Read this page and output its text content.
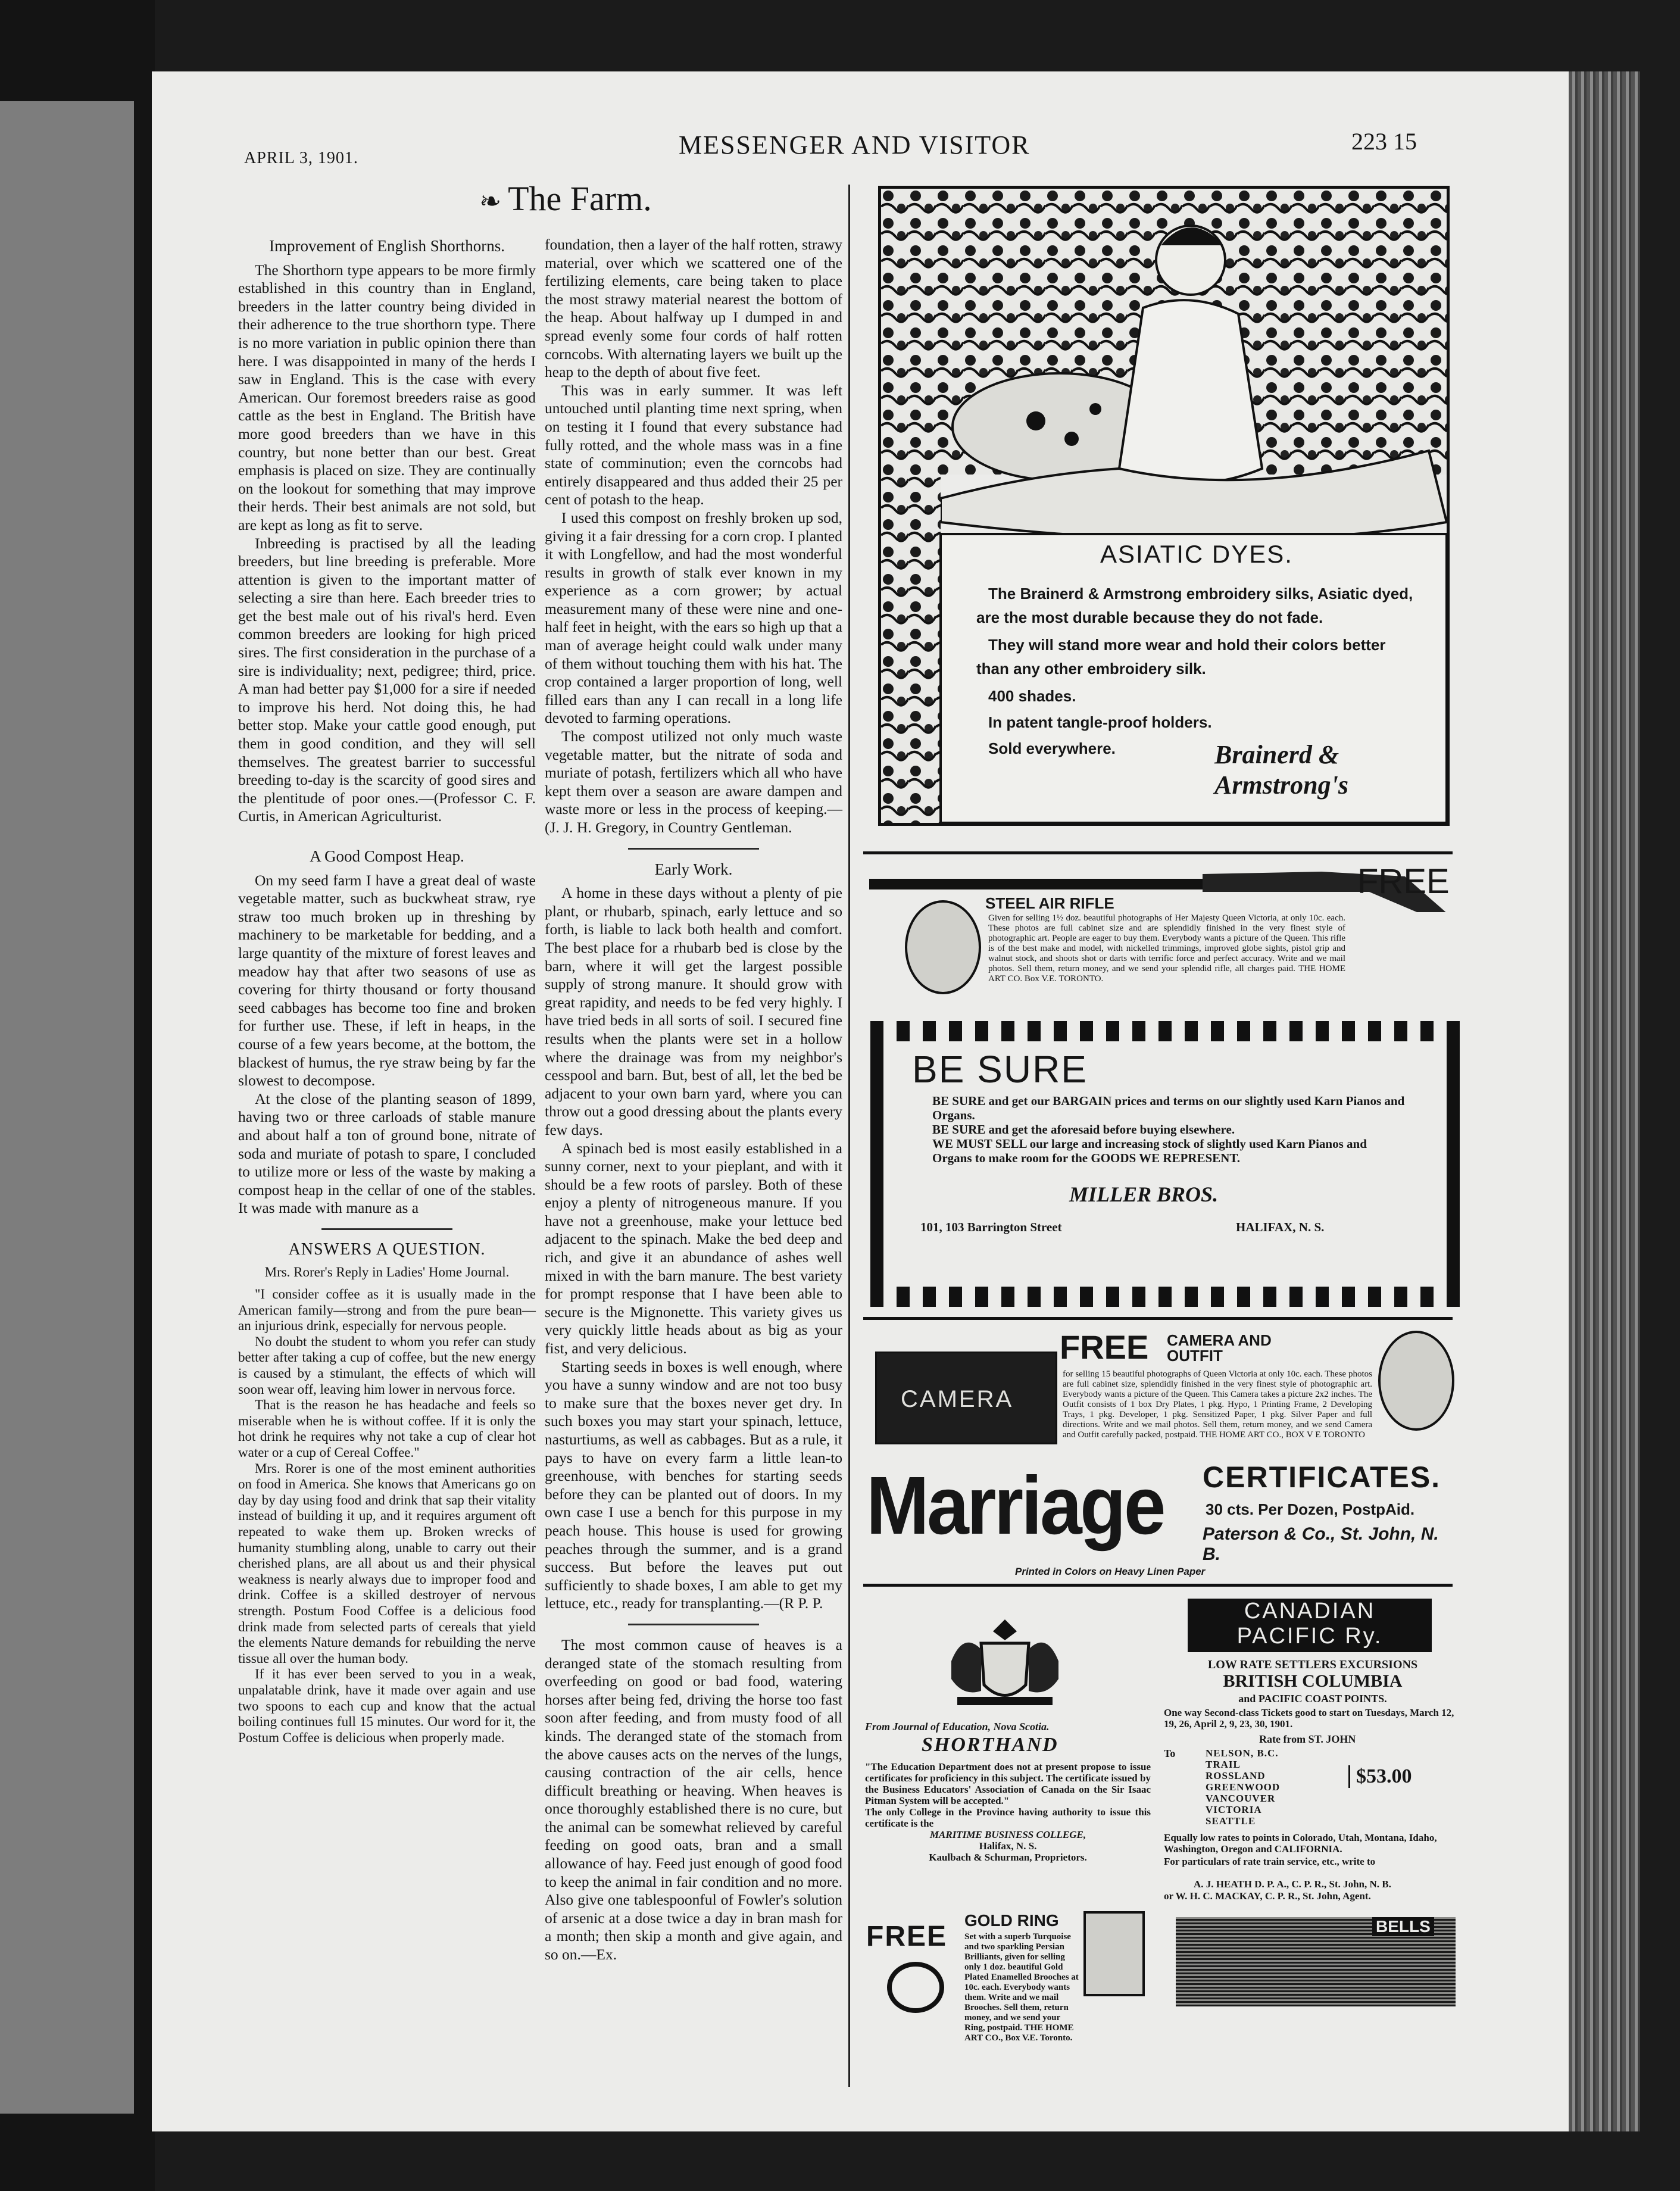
APRIL 3, 1901.	MESSENGER AND VISITOR	223 15
❧ The Farm.
Improvement of English Shorthorns.

The Shorthorn type appears to be more firmly established in this country than in England, breeders in the latter country being divided in their adherence to the true shorthorn type. There is no more variation in public opinion there than here. I was disappointed in many of the herds I saw in England. This is the case with every American. Our foremost breeders raise as good cattle as the best in England. The British have more good breeders than we have in this country, but none better than our best. Great emphasis is placed on size. They are continually on the lookout for something that may improve their herds. Their best animals are not sold, but are kept as long as fit to serve.

Inbreeding is practised by all the leading breeders, but line breeding is preferable. More attention is given to the important matter of selecting a sire than here. Each breeder tries to get the best male out of his rival's herd. Even common breeders are looking for high priced sires. The first consideration in the purchase of a sire is individuality; next, pedigree; third, price. A man had better pay $1,000 for a sire if needed to improve his herd. Not doing this, he had better stop. Make your cattle good enough, put them in good condition, and they will sell themselves. The greatest barrier to successful breeding to-day is the scarcity of good sires and the plentitude of poor ones.—(Professor C. F. Curtis, in American Agriculturist.

A Good Compost Heap.

On my seed farm I have a great deal of waste vegetable matter, such as buckwheat straw, rye straw too much broken up in threshing by machinery to be marketable for bedding, and a large quantity of the mixture of forest leaves and meadow hay that after two seasons of use as covering for thirty thousand or forty thousand seed cabbages has become too fine and broken for further use. These, if left in heaps, in the course of a few years become, at the bottom, the blackest of humus, the rye straw being by far the slowest to decompose.

At the close of the planting season of 1899, having two or three carloads of stable manure and about half a ton of ground bone, nitrate of soda and muriate of potash to spare, I concluded to utilize more or less of the waste by making a compost heap in the cellar of one of the stables. It was made with manure as a

ANSWERS A QUESTION.
Mrs. Rorer's Reply in Ladies' Home Journal.

"I consider coffee as it is usually made in the American family—strong and from the pure bean—an injurious drink, especially for nervous people.

No doubt the student to whom you refer can study better after taking a cup of coffee, but the new energy is caused by a stimulant, the effects of which will soon wear off, leaving him lower in nervous force.

That is the reason he has headache and feels so miserable when he is without coffee. If it is only the hot drink he requires why not take a cup of clear hot water or a cup of Cereal Coffee."

Mrs. Rorer is one of the most eminent authorities on food in America. She knows that Americans go on day by day using food and drink that sap their vitality instead of building it up, and it requires argument oft repeated to wake them up. Broken wrecks of humanity stumbling along, unable to carry out their cherished plans, are all about us and their physical weakness is nearly always due to improper food and drink. Coffee is a skilled destroyer of nervous strength. Postum Food Coffee is a delicious food drink made from selected parts of cereals that yield the elements Nature demands for rebuilding the nerve tissue all over the human body.

If it has ever been served to you in a weak, unpalatable drink, have it made over again and use two spoons to each cup and know that the actual boiling continues full 15 minutes. Our word for it, the Postum Coffee is delicious when properly made.

foundation, then a layer of the half rotten, strawy material, over which we scattered one of the fertilizing elements, care being taken to place the most strawy material nearest the bottom of the heap. About halfway up I dumped in and spread evenly some four cords of half rotten corncobs. With alternating layers we built up the heap to the depth of about five feet.

This was in early summer. It was left untouched until planting time next spring, when on testing it I found that every substance had fully rotted, and the whole mass was in a fine state of comminution; even the corncobs had entirely disappeared and thus added their 25 per cent of potash to the heap.

I used this compost on freshly broken up sod, giving it a fair dressing for a corn crop. I planted it with Longfellow, and had the most wonderful results in growth of stalk ever known in my experience as a corn grower; by actual measurement many of these were nine and one-half feet in height, with the ears so high up that a man of average height could walk under many of them without touching them with his hat. The crop contained a larger proportion of long, well filled ears than any I can recall in a long life devoted to farming operations.

The compost utilized not only much waste vegetable matter, but the nitrate of soda and muriate of potash, fertilizers which all who have kept them over a season are aware dampen and waste more or less in the process of keeping.—(J. J. H. Gregory, in Country Gentleman.

Early Work.

A home in these days without a plenty of pie plant, or rhubarb, spinach, early lettuce and so forth, is liable to lack both health and comfort. The best place for a rhubarb bed is close by the barn, where it will get the largest possible supply of strong manure. It should grow with great rapidity, and needs to be fed very highly. I have tried beds in all sorts of soil. I secured fine results when the plants were set in a hollow where the drainage was from my neighbor's cesspool and barn. But, best of all, let the bed be adjacent to your own barn yard, where you can throw out a good dressing about the plants every few days.

A spinach bed is most easily established in a sunny corner, next to your pieplant, and with it should be a few roots of parsley. Both of these enjoy a plenty of nitrogeneous manure. If you have not a greenhouse, make your lettuce bed adjacent to the spinach. Make the bed deep and rich, and give it an abundance of ashes well mixed in with the barn manure. The best variety for prompt response that I have been able to secure is the Mignonette. This variety gives us very quickly little heads about as big as your fist, and very delicious.

Starting seeds in boxes is well enough, where you have a sunny window and are not too busy to make sure that the boxes never get dry. In such boxes you may start your spinach, lettuce, nasturtiums, as well as cabbages. But as a rule, it pays to have on every farm a little lean-to greenhouse, with benches for starting seeds before they can be planted out of doors. In my own case I use a bench for this purpose in my peach house. This house is used for growing peaches through the summer, and is a grand success. But before the leaves put out sufficiently to shade boxes, I am able to get my lettuce, etc., ready for transplanting.—(R P. P.

The most common cause of heaves is a deranged state of the stomach resulting from overfeeding on good or bad food, watering horses after being fed, driving the horse too fast soon after feeding, and from musty food of all kinds. The deranged state of the stomach from the above causes acts on the nerves of the lungs, causing contraction of the air cells, hence difficult breathing or heaving. When heaves is once thoroughly established there is no cure, but the animal can be somewhat relieved by careful feeding on good oats, bran and a small allowance of hay. Feed just enough of good food to keep the animal in fair condition and no more. Also give one tablespoonful of Fowler's solution of arsenic at a dose twice a day in bran mash for a month; then skip a month and give again, and so on.—Ex.

ASIATIC DYES.
The Brainerd & Armstrong embroidery silks, Asiatic dyed, are the most durable because they do not fade.
They will stand more wear and hold their colors better than any other embroidery silk.
400 shades.
In patent tangle-proof holders.
Sold everywhere.	Brainerd & Armstrong's
FREE
STEEL AIR RIFLE
Given for selling 1½ doz. beautiful photographs of Her Majesty Queen Victoria, at only 10c. each. These photos are full cabinet size and are splendidly finished in the very finest style of photographic art. People are eager to buy them. Everybody wants a picture of the Queen. This rifle is of the best make and model, with nickelled trimmings, improved globe sights, pistol grip and walnut stock, and shoots shot or darts with terrific force and perfect accuracy. Write and we mail photos. Sell them, return money, and we send your splendid rifle, all charges paid. THE HOME ART CO. Box V.E. TORONTO.
BE SURE
BE SURE and get our BARGAIN prices and terms on our slightly used Karn Pianos and Organs.
BE SURE and get the aforesaid before buying elsewhere.
WE MUST SELL our large and increasing stock of slightly used Karn Pianos and Organs to make room for the GOODS WE REPRESENT.
MILLER BROS.
101, 103 Barrington Street	HALIFAX, N. S.
CAMERA
FREE CAMERA AND OUTFIT
for selling 15 beautiful photographs of Queen Victoria at only 10c. each. These photos are full cabinet size, splendidly finished in the very finest style of photographic art. Everybody wants a picture of the Queen. This Camera takes a picture 2x2 inches. The Outfit consists of 1 box Dry Plates, 1 pkg. Hypo, 1 Printing Frame, 2 Developing Trays, 1 pkg. Developer, 1 pkg. Sensitized Paper, 1 pkg. Silver Paper and full directions. Write and we mail photos. Sell them, return money, and we send Camera and Outfit carefully packed, postpaid. THE HOME ART CO., BOX V E TORONTO
Marriage CERTIFICATES.
30 cts. Per Dozen, PostpAid.
Paterson & Co., St. John, N. B.
Printed in Colors on Heavy Linen Paper
From Journal of Education, Nova Scotia.
SHORTHAND
"The Education Department does not at present propose to issue certificates for proficiency in this subject. The certificate issued by the Business Educators' Association of Canada on the Sir Isaac Pitman System will be accepted."
The only College in the Province having authority to issue this certificate is the
MARITIME BUSINESS COLLEGE,
Halifax, N. S.
Kaulbach & Schurman, Proprietors.
FREE
GOLD RING
Set with a superb Turquoise and two sparkling Persian Brilliants, given for selling only 1 doz. beautiful Gold Plated Enamelled Brooches at 10c. each. Everybody wants them. Write and we mail Brooches. Sell them, return money, and we send your Ring, postpaid. THE HOME ART CO., Box V.E. Toronto.
CANADIAN
PACIFIC Ry.
LOW RATE SETTLERS EXCURSIONS
BRITISH COLUMBIA
and PACIFIC COAST POINTS.
One way Second-class Tickets good to start on Tuesdays, March 12, 19, 26, April 2, 9, 23, 30, 1901.
Rate from ST. JOHN
To	NELSON, B.C.
TRAIL
ROSSLAND
GREENWOOD
VANCOUVER
VICTORIA
SEATTLE
$53.00
Equally low rates to points in Colorado, Utah, Montana, Idaho, Washington, Oregon and CALIFORNIA.
For particulars of rate train service, etc., write to
A. J. HEATH D. P. A., C. P. R., St. John, N. B.
or W. H. C. MACKAY, C. P. R., St. John, Agent.
BELLS
